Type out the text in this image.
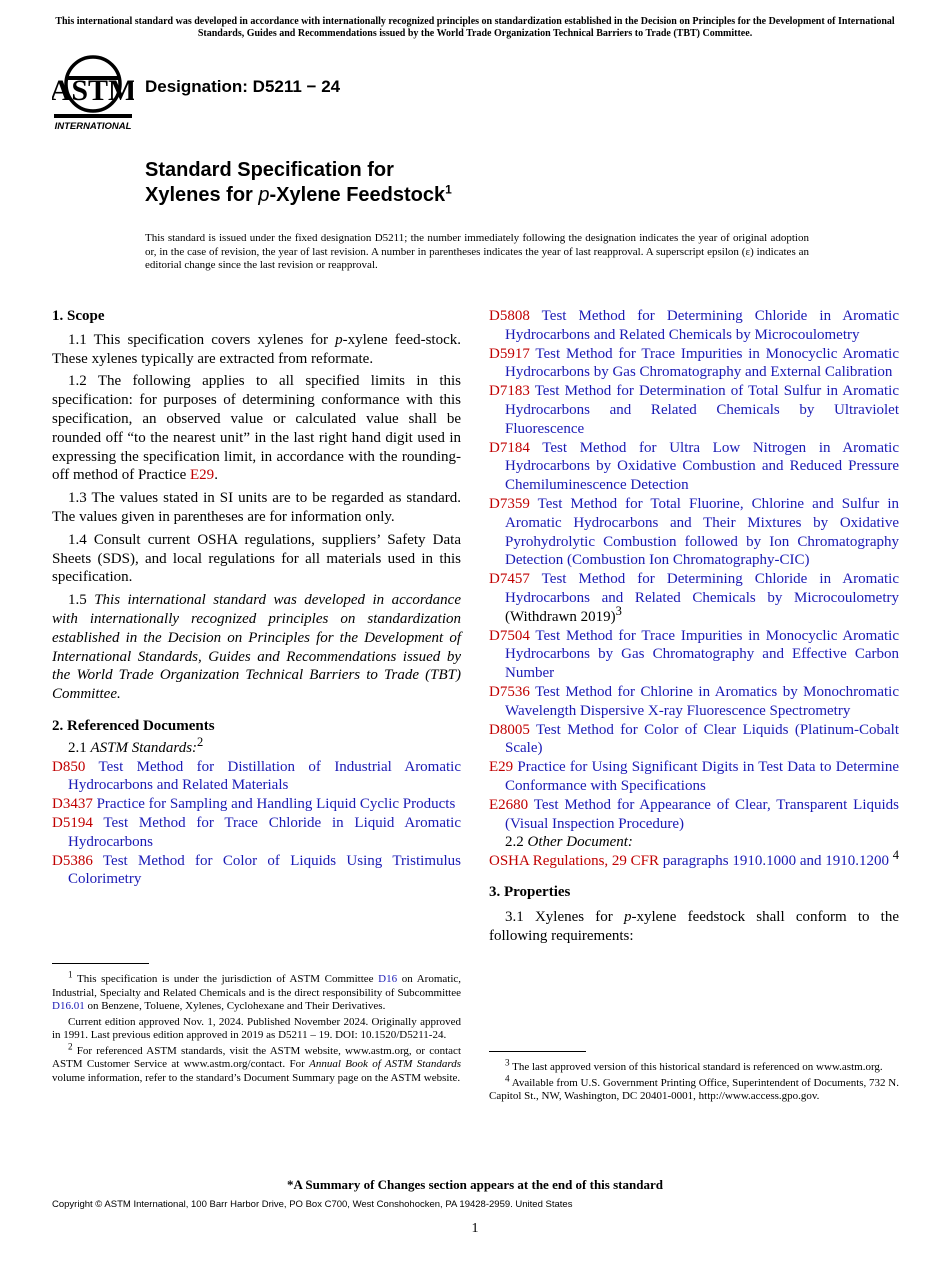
This international standard was developed in accordance with internationally recognized principles on standardization established in the Decision on Principles for the Development of International Standards, Guides and Recommendations issued by the World Trade Organization Technical Barriers to Trade (TBT) Committee.
ASTM
INTERNATIONAL
Designation: D5211 − 24
Standard Specification for
Xylenes for p-Xylene Feedstock$^1$
This standard is issued under the fixed designation D5211; the number immediately following the designation indicates the year of original adoption or, in the case of revision, the year of last revision. A number in parentheses indicates the year of last reapproval. A superscript epsilon (ε) indicates an editorial change since the last revision or reapproval.

1. Scope

1.1 This specification covers xylenes for p-xylene feed-stock. These xylenes typically are extracted from reformate.

1.2 The following applies to all specified limits in this specification: for purposes of determining conformance with this specification, an observed value or calculated value shall be rounded off “to the nearest unit” in the last right hand digit used in expressing the specification limit, in accordance with the rounding-off method of Practice E29.

1.3 The values stated in SI units are to be regarded as standard. The values given in parentheses are for information only.

1.4 Consult current OSHA regulations, suppliers’ Safety Data Sheets (SDS), and local regulations for all materials used in this specification.

1.5 This international standard was developed in accordance with internationally recognized principles on standardization established in the Decision on Principles for the Development of International Standards, Guides and Recommendations issued by the World Trade Organization Technical Barriers to Trade (TBT) Committee.

2. Referenced Documents

2.1 ASTM Standards:$^2$

D850 Test Method for Distillation of Industrial Aromatic Hydrocarbons and Related Materials

D3437 Practice for Sampling and Handling Liquid Cyclic Products

D5194 Test Method for Trace Chloride in Liquid Aromatic Hydrocarbons

D5386 Test Method for Color of Liquids Using Tristimulus Colorimetry

$^1$ This specification is under the jurisdiction of ASTM Committee D16 on Aromatic, Industrial, Specialty and Related Chemicals and is the direct responsibility of Subcommittee D16.01 on Benzene, Toluene, Xylenes, Cyclohexane and Their Derivatives.

Current edition approved Nov. 1, 2024. Published November 2024. Originally approved in 1991. Last previous edition approved in 2019 as D5211 – 19. DOI: 10.1520/D5211-24.

$^2$ For referenced ASTM standards, visit the ASTM website, www.astm.org, or contact ASTM Customer Service at www.astm.org/contact. For Annual Book of ASTM Standards volume information, refer to the standard’s Document Summary page on the ASTM website.

D5808 Test Method for Determining Chloride in Aromatic Hydrocarbons and Related Chemicals by Microcoulometry

D5917 Test Method for Trace Impurities in Monocyclic Aromatic Hydrocarbons by Gas Chromatography and External Calibration

D7183 Test Method for Determination of Total Sulfur in Aromatic Hydrocarbons and Related Chemicals by Ultraviolet Fluorescence

D7184 Test Method for Ultra Low Nitrogen in Aromatic Hydrocarbons by Oxidative Combustion and Reduced Pressure Chemiluminescence Detection

D7359 Test Method for Total Fluorine, Chlorine and Sulfur in Aromatic Hydrocarbons and Their Mixtures by Oxidative Pyrohydrolytic Combustion followed by Ion Chromatography Detection (Combustion Ion Chromatography-CIC)

D7457 Test Method for Determining Chloride in Aromatic Hydrocarbons and Related Chemicals by Microcoulometry (Withdrawn 2019)$^3$

D7504 Test Method for Trace Impurities in Monocyclic Aromatic Hydrocarbons by Gas Chromatography and Effective Carbon Number

D7536 Test Method for Chlorine in Aromatics by Monochromatic Wavelength Dispersive X-ray Fluorescence Spectrometry

D8005 Test Method for Color of Clear Liquids (Platinum-Cobalt Scale)

E29 Practice for Using Significant Digits in Test Data to Determine Conformance with Specifications

E2680 Test Method for Appearance of Clear, Transparent Liquids (Visual Inspection Procedure)

2.2 Other Document:

OSHA Regulations, 29 CFR paragraphs 1910.1000 and 1910.1200 $^4$

3. Properties

3.1 Xylenes for p-xylene feedstock shall conform to the following requirements:

$^3$ The last approved version of this historical standard is referenced on www.astm.org.

$^4$ Available from U.S. Government Printing Office, Superintendent of Documents, 732 N. Capitol St., NW, Washington, DC 20401-0001, http://www.access.gpo.gov.

*A Summary of Changes section appears at the end of this standard
Copyright © ASTM International, 100 Barr Harbor Drive, PO Box C700, West Conshohocken, PA 19428-2959. United States
1
